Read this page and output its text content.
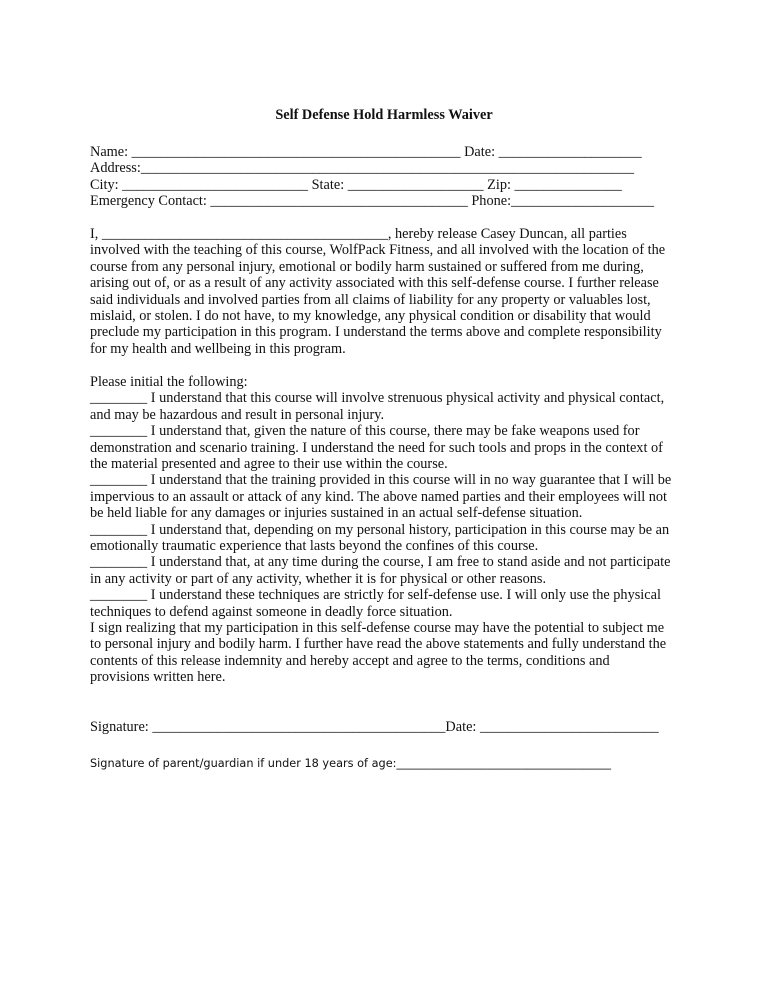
Self Defense Hold Harmless Waiver
Name: ______________________________________________ Date: ____________________
Address:_____________________________________________________________________
City: __________________________ State: ___________________ Zip: _______________
Emergency Contact: ____________________________________ Phone:____________________
I, ________________________________________, hereby release Casey Duncan, all parties
involved with the teaching of this course, WolfPack Fitness, and all involved with the location of the
course from any personal injury, emotional or bodily harm sustained or suffered from me during,
arising out of, or as a result of any activity associated with this self-defense course. I further release
said individuals and involved parties from all claims of liability for any property or valuables lost,
mislaid, or stolen. I do not have, to my knowledge, any physical condition or disability that would
preclude my participation in this program. I understand the terms above and complete responsibility
for my health and wellbeing in this program.
Please initial the following:
________ I understand that this course will involve strenuous physical activity and physical contact,
and may be hazardous and result in personal injury.
________ I understand that, given the nature of this course, there may be fake weapons used for
demonstration and scenario training. I understand the need for such tools and props in the context of
the material presented and agree to their use within the course.
________ I understand that the training provided in this course will in no way guarantee that I will be
impervious to an assault or attack of any kind. The above named parties and their employees will not
be held liable for any damages or injuries sustained in an actual self-defense situation.
________ I understand that, depending on my personal history, participation in this course may be an
emotionally traumatic experience that lasts beyond the confines of this course.
________ I understand that, at any time during the course, I am free to stand aside and not participate
in any activity or part of any activity, whether it is for physical or other reasons.
________ I understand these techniques are strictly for self-defense use. I will only use the physical
techniques to defend against someone in deadly force situation.
I sign realizing that my participation in this self-defense course may have the potential to subject me
to personal injury and bodily harm. I further have read the above statements and fully understand the
contents of this release indemnity and hereby accept and agree to the terms, conditions and
provisions written here.
Signature: _________________________________________Date: _________________________
Signature of parent/guardian if under 18 years of age:______________________________________
